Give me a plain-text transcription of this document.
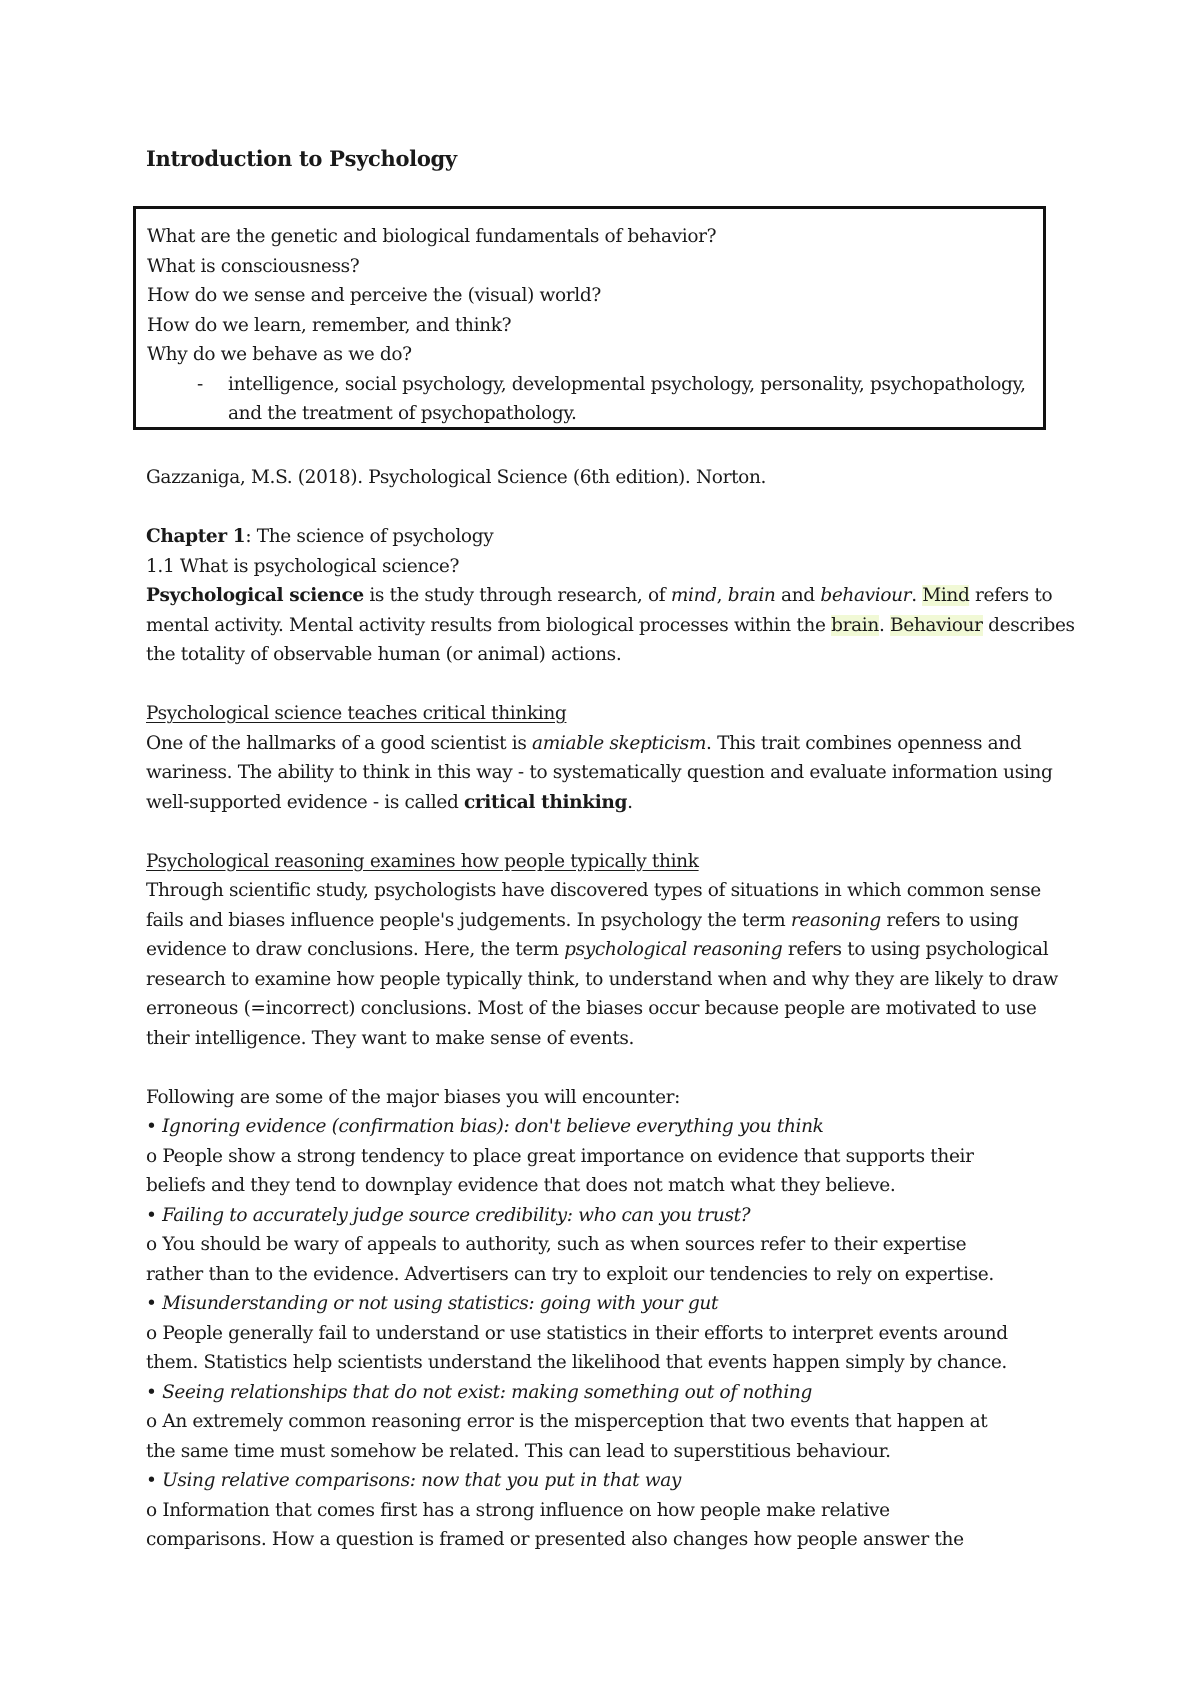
Introduction to Psychology

What are the genetic and biological fundamentals of behavior?

What is consciousness?

How do we sense and perceive the (visual) world?

How do we learn, remember, and think?

Why do we behave as we do?

- intelligence, social psychology, developmental psychology, personality, psychopathology, and the treatment of psychopathology.

Gazzaniga, M.S. (2018). Psychological Science (6th edition). Norton.

Chapter 1: The science of psychology

1.1 What is psychological science?

Psychological science is the study through research, of mind, brain and behaviour. Mind refers to mental activity. Mental activity results from biological processes within the brain. Behaviour describes the totality of observable human (or animal) actions.

Psychological science teaches critical thinking

One of the hallmarks of a good scientist is amiable skepticism. This trait combines openness and wariness. The ability to think in this way - to systematically question and evaluate information using well-supported evidence - is called critical thinking.

Psychological reasoning examines how people typically think

Through scientific study, psychologists have discovered types of situations in which common sense fails and biases influence people's judgements. In psychology the term reasoning refers to using evidence to draw conclusions. Here, the term psychological reasoning refers to using psychological research to examine how people typically think, to understand when and why they are likely to draw erroneous (=incorrect) conclusions. Most of the biases occur because people are motivated to use their intelligence. They want to make sense of events.

Following are some of the major biases you will encounter:

• Ignoring evidence (confirmation bias): don't believe everything you think

o People show a strong tendency to place great importance on evidence that supports their

beliefs and they tend to downplay evidence that does not match what they believe.

• Failing to accurately judge source credibility: who can you trust?

o You should be wary of appeals to authority, such as when sources refer to their expertise

rather than to the evidence. Advertisers can try to exploit our tendencies to rely on expertise.

• Misunderstanding or not using statistics: going with your gut

o People generally fail to understand or use statistics in their efforts to interpret events around

them. Statistics help scientists understand the likelihood that events happen simply by chance.

• Seeing relationships that do not exist: making something out of nothing

o An extremely common reasoning error is the misperception that two events that happen at

the same time must somehow be related. This can lead to superstitious behaviour.

• Using relative comparisons: now that you put in that way

o Information that comes first has a strong influence on how people make relative

comparisons. How a question is framed or presented also changes how people answer the
